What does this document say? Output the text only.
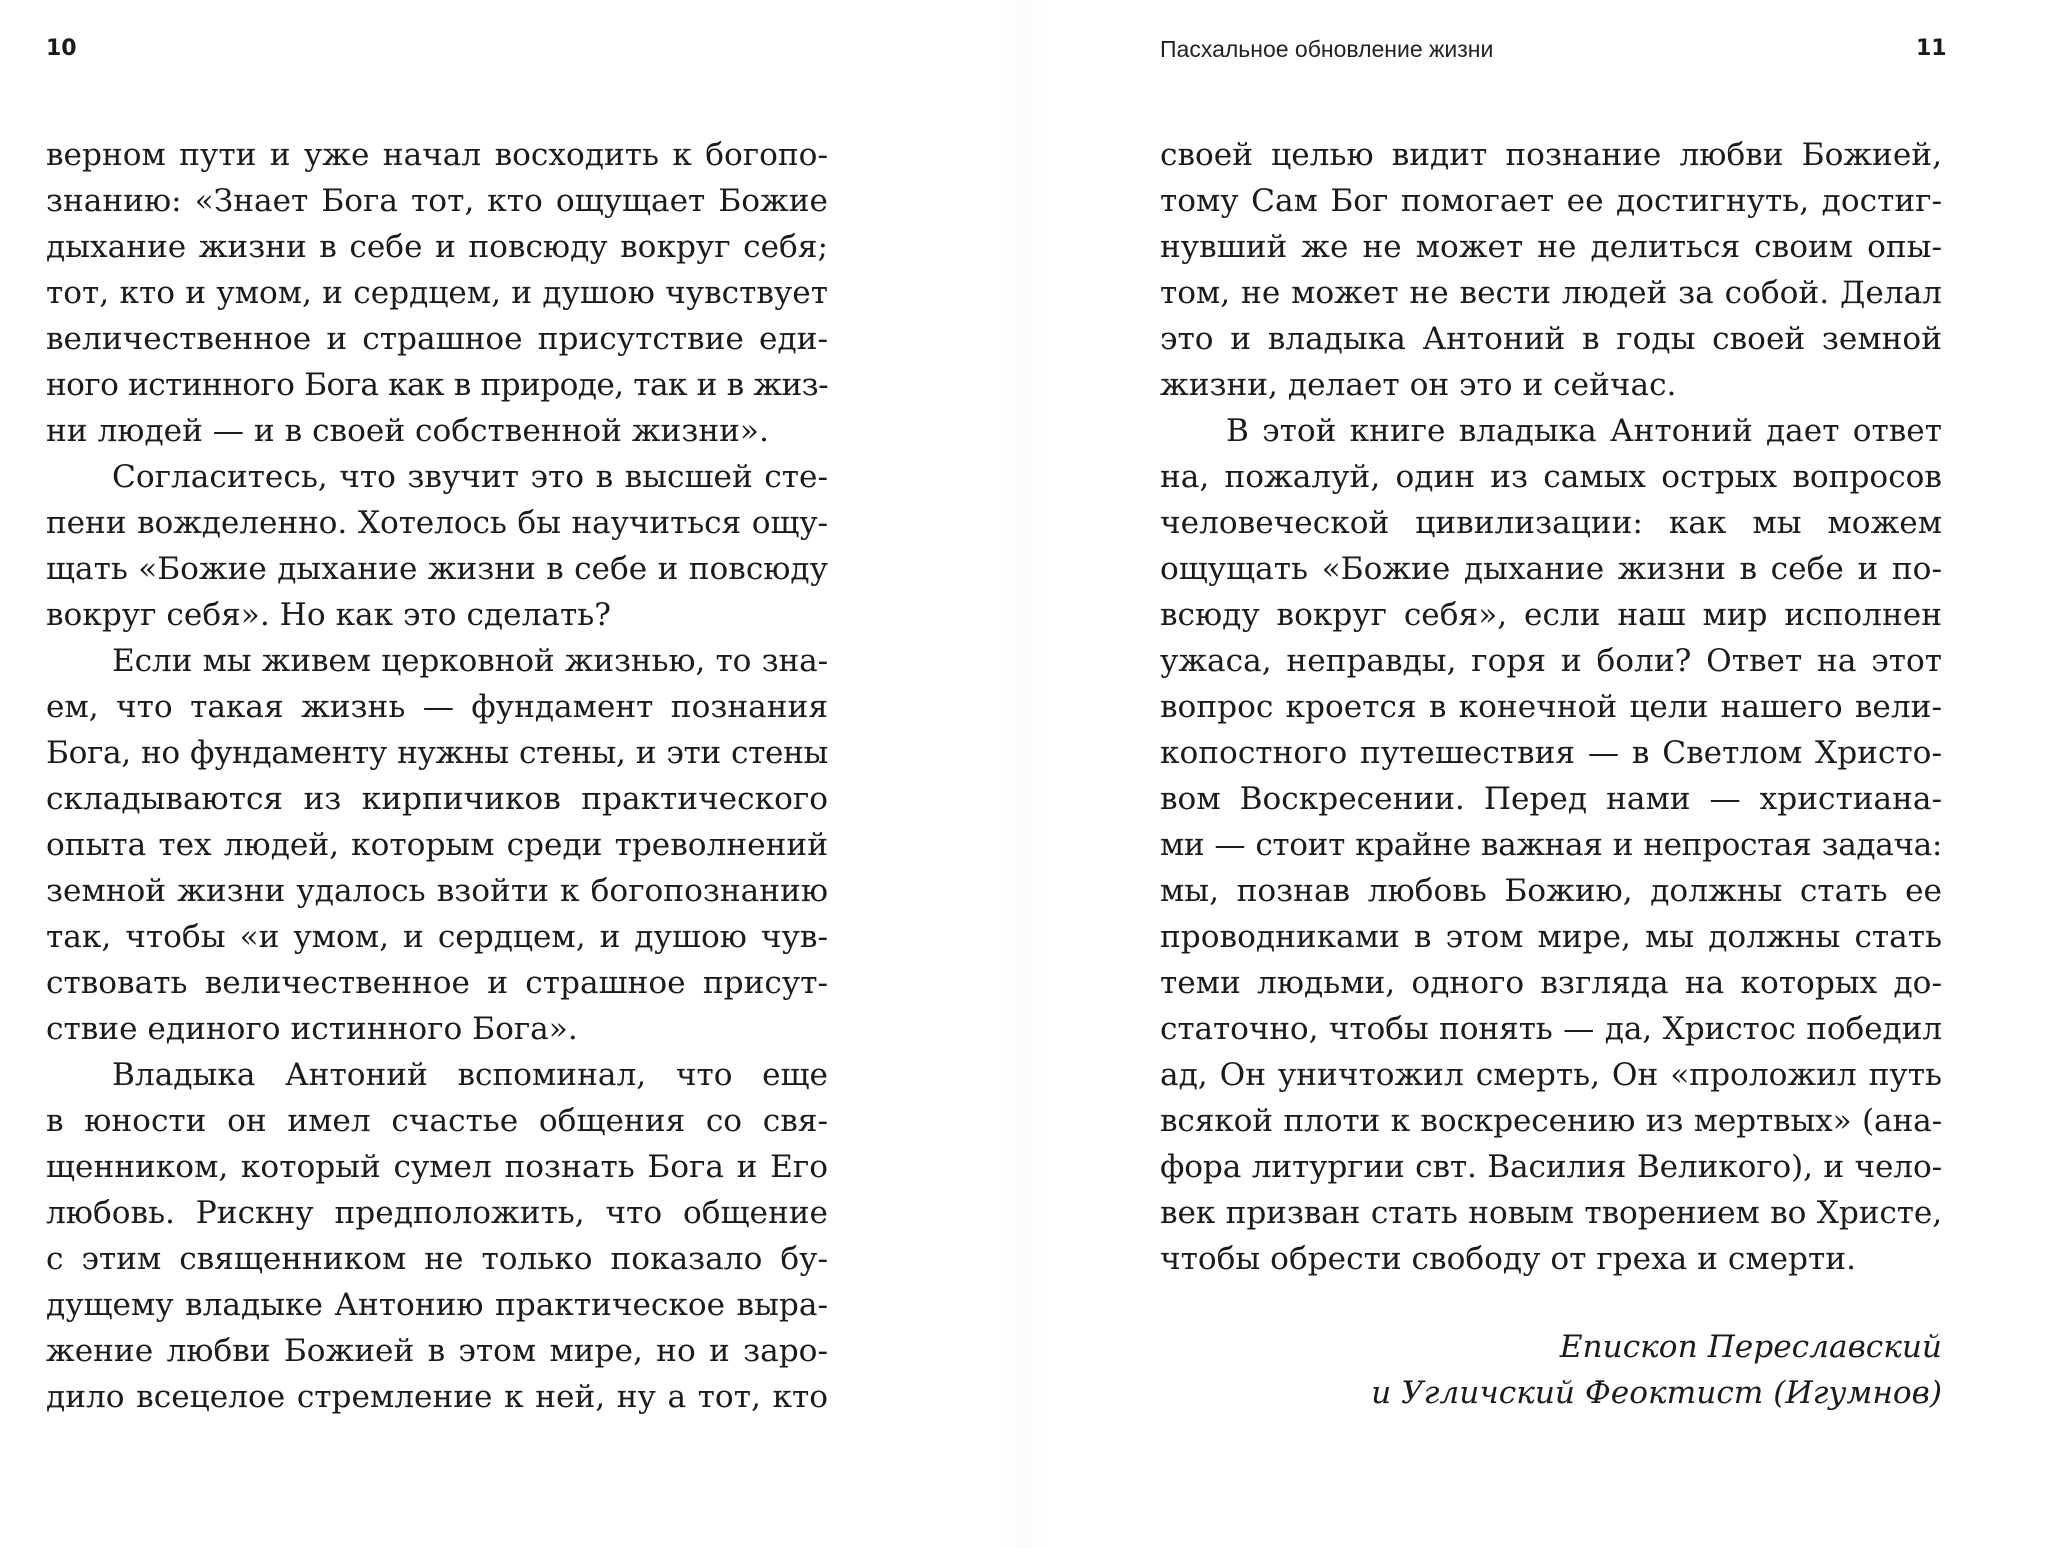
10
верном пути и уже начал восходить к богопо-
знанию: «Знает Бога тот, кто ощущает Божие
дыхание жизни в себе и повсюду вокруг себя;
тот, кто и умом, и сердцем, и душою чувствует
величественное и страшное присутствие еди-
ного истинного Бога как в природе, так и в жиз-
ни людей — и в своей собственной жизни».
Согласитесь, что звучит это в высшей сте-
пени вожделенно. Хотелось бы научиться ощу-
щать «Божие дыхание жизни в себе и повсюду
вокруг себя». Но как это сделать?
Если мы живем церковной жизнью, то зна-
ем, что такая жизнь — фундамент познания
Бога, но фундаменту нужны стены, и эти стены
складываются из кирпичиков практического
опыта тех людей, которым среди треволнений
земной жизни удалось взойти к богопознанию
так, чтобы «и умом, и сердцем, и душою чув-
ствовать величественное и страшное присут-
ствие единого истинного Бога».
Владыка Антоний вспоминал, что еще
в юности он имел счастье общения со свя-
щенником, который сумел познать Бога и Его
любовь. Рискну предположить, что общение
с этим священником не только показало бу-
дущему владыке Антонию практическое выра-
жение любви Божией в этом мире, но и заро-
дило всецелое стремление к ней, ну а тот, кто
Пасхальное обновление жизни	11
своей целью видит познание любви Божией,
тому Сам Бог помогает ее достигнуть, достиг-
нувший же не может не делиться своим опы-
том, не может не вести людей за собой. Делал
это и владыка Антоний в годы своей земной
жизни, делает он это и сейчас.
В этой книге владыка Антоний дает ответ
на, пожалуй, один из самых острых вопросов
человеческой цивилизации: как мы можем
ощущать «Божие дыхание жизни в себе и по-
всюду вокруг себя», если наш мир исполнен
ужаса, неправды, горя и боли? Ответ на этот
вопрос кроется в конечной цели нашего вели-
копостного путешествия — в Светлом Христо-
вом Воскресении. Перед нами — христиана-
ми — стоит крайне важная и непростая задача:
мы, познав любовь Божию, должны стать ее
проводниками в этом мире, мы должны стать
теми людьми, одного взгляда на которых до-
статочно, чтобы понять — да, Христос победил
ад, Он уничтожил смерть, Он «проложил путь
всякой плоти к воскресению из мертвых» (ана-
фора литургии свт. Василия Великого), и чело-
век призван стать новым творением во Христе,
чтобы обрести свободу от греха и смерти.
Епископ Переславский
и Угличский Феоктист (Игумнов)
